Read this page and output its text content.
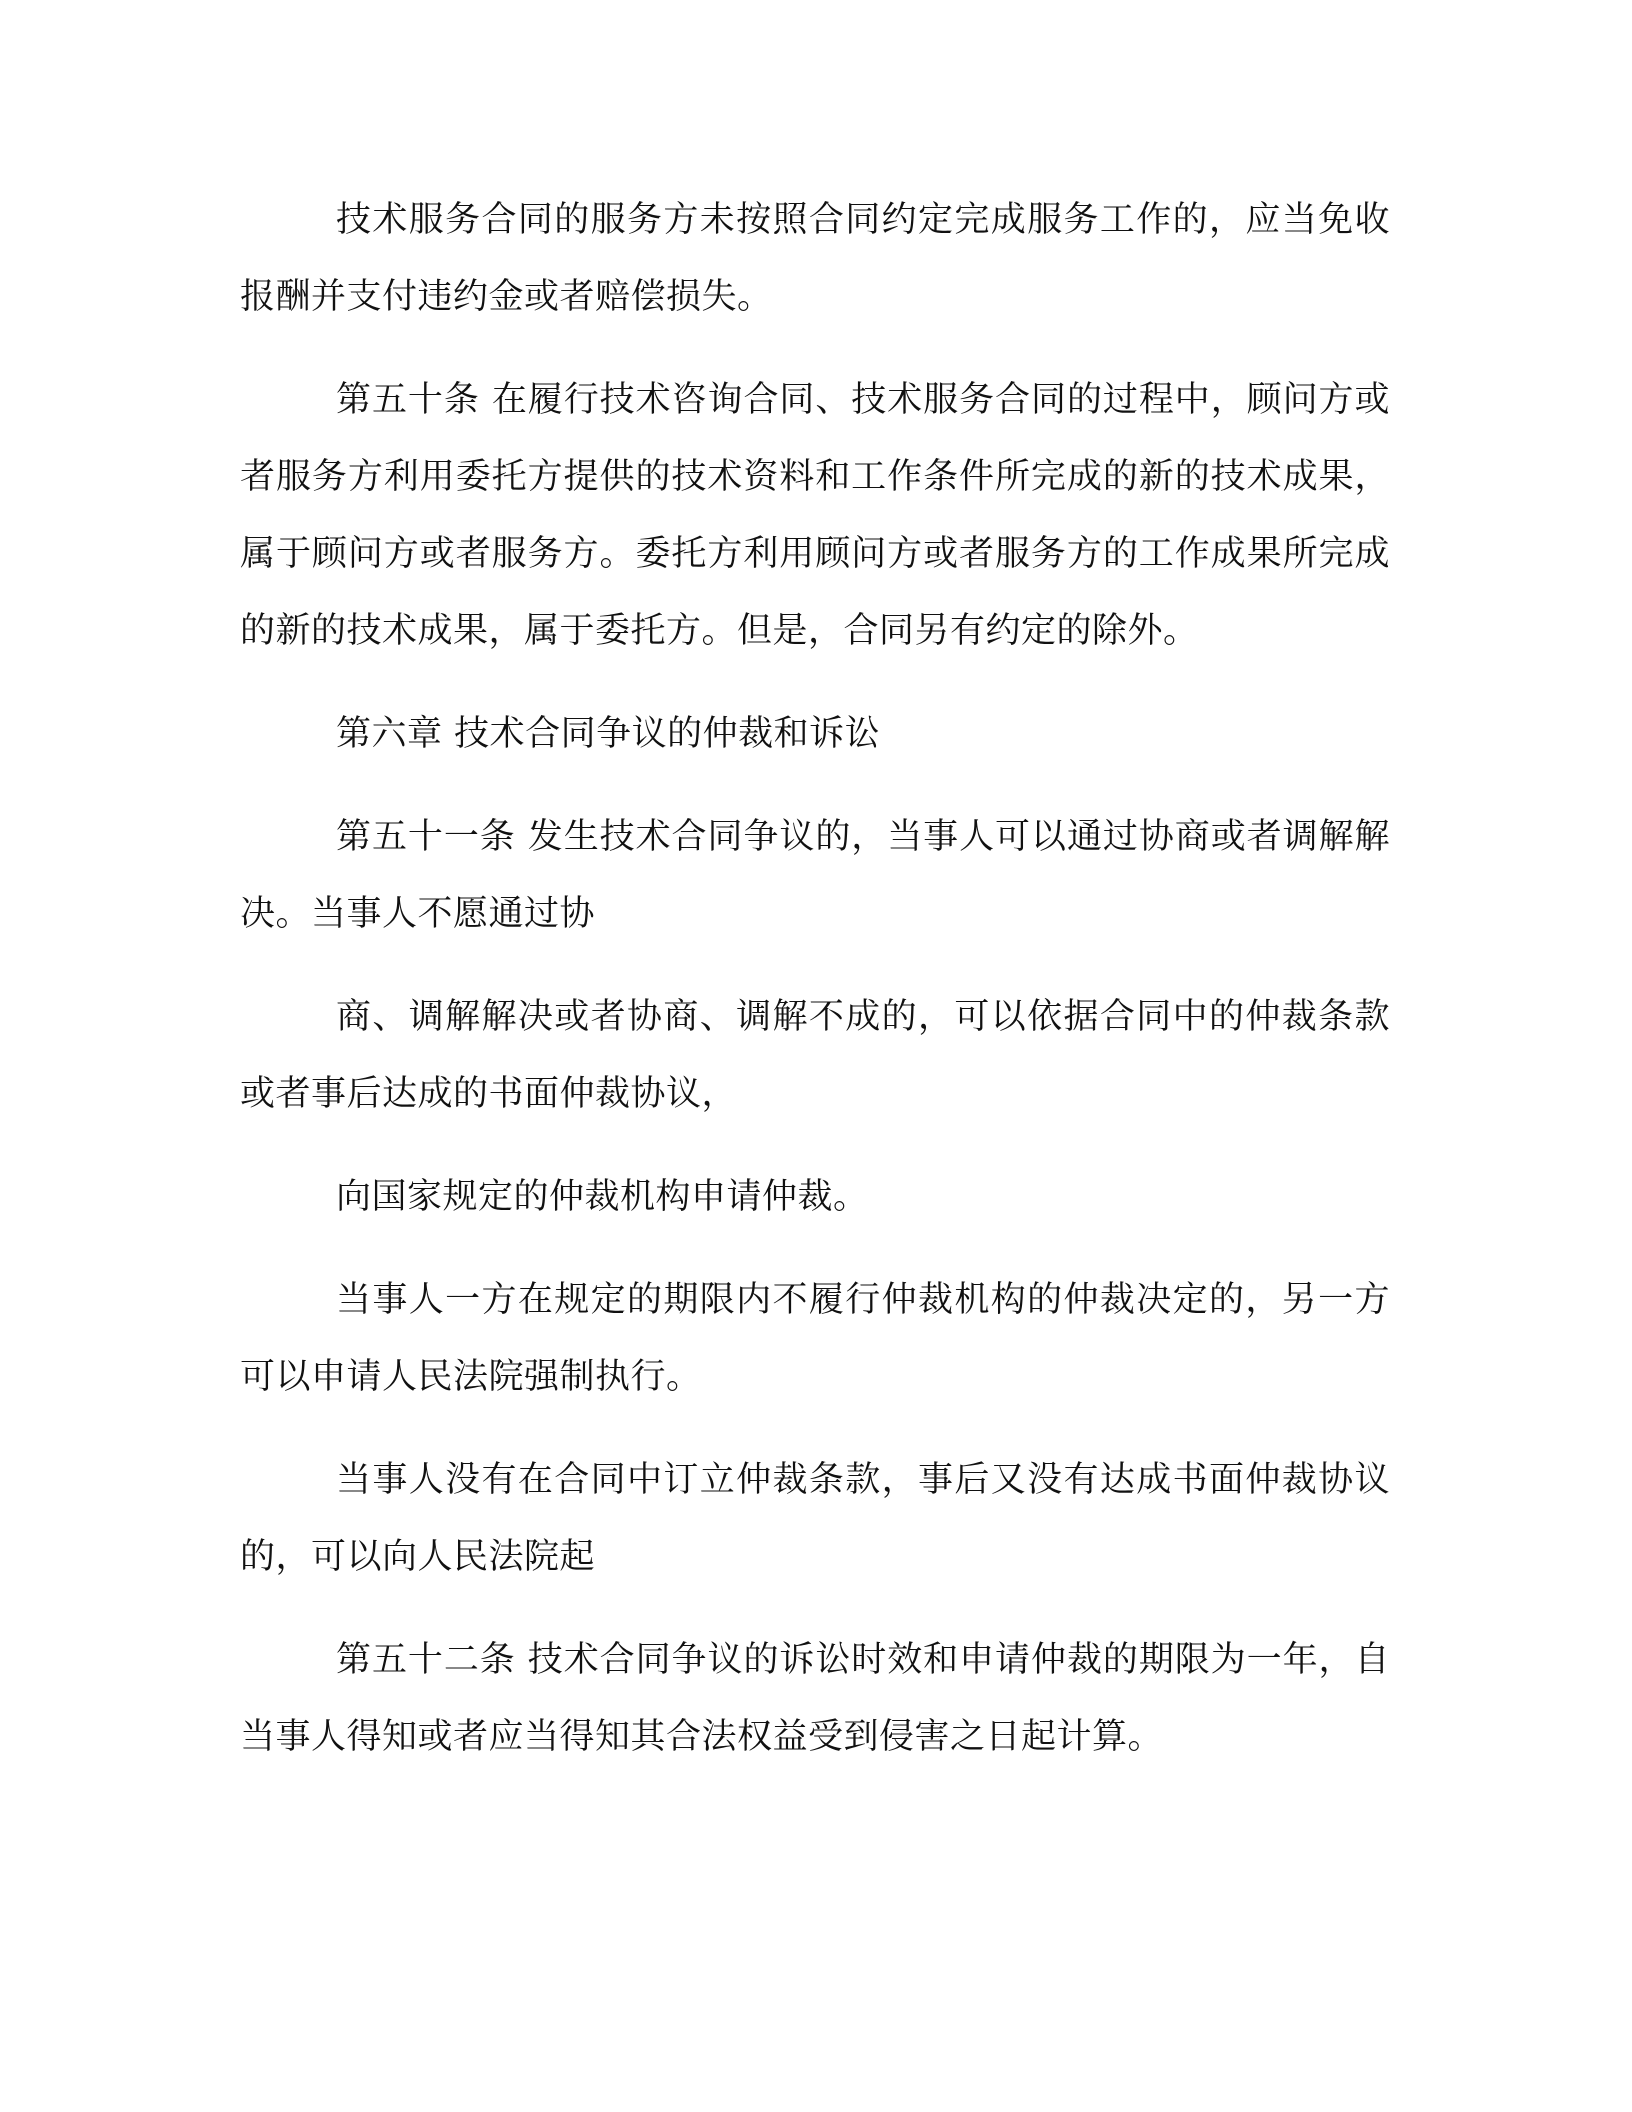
技术服务合同的服务方未按照合同约定完成服务工作的，应当免收报酬并支付违约金或者赔偿损失。

第五十条 在履行技术咨询合同、技术服务合同的过程中，顾问方或者服务方利用委托方提供的技术资料和工作条件所完成的新的技术成果，属于顾问方或者服务方。委托方利用顾问方或者服务方的工作成果所完成的新的技术成果，属于委托方。但是，合同另有约定的除外。

第六章 技术合同争议的仲裁和诉讼

第五十一条 发生技术合同争议的，当事人可以通过协商或者调解解决。当事人不愿通过协

商、调解解决或者协商、调解不成的，可以依据合同中的仲裁条款或者事后达成的书面仲裁协议，

向国家规定的仲裁机构申请仲裁。

当事人一方在规定的期限内不履行仲裁机构的仲裁决定的，另一方可以申请人民法院强制执行。

当事人没有在合同中订立仲裁条款，事后又没有达成书面仲裁协议的，可以向人民法院起

第五十二条 技术合同争议的诉讼时效和申请仲裁的期限为一年，自当事人得知或者应当得知其合法权益受到侵害之日起计算。
